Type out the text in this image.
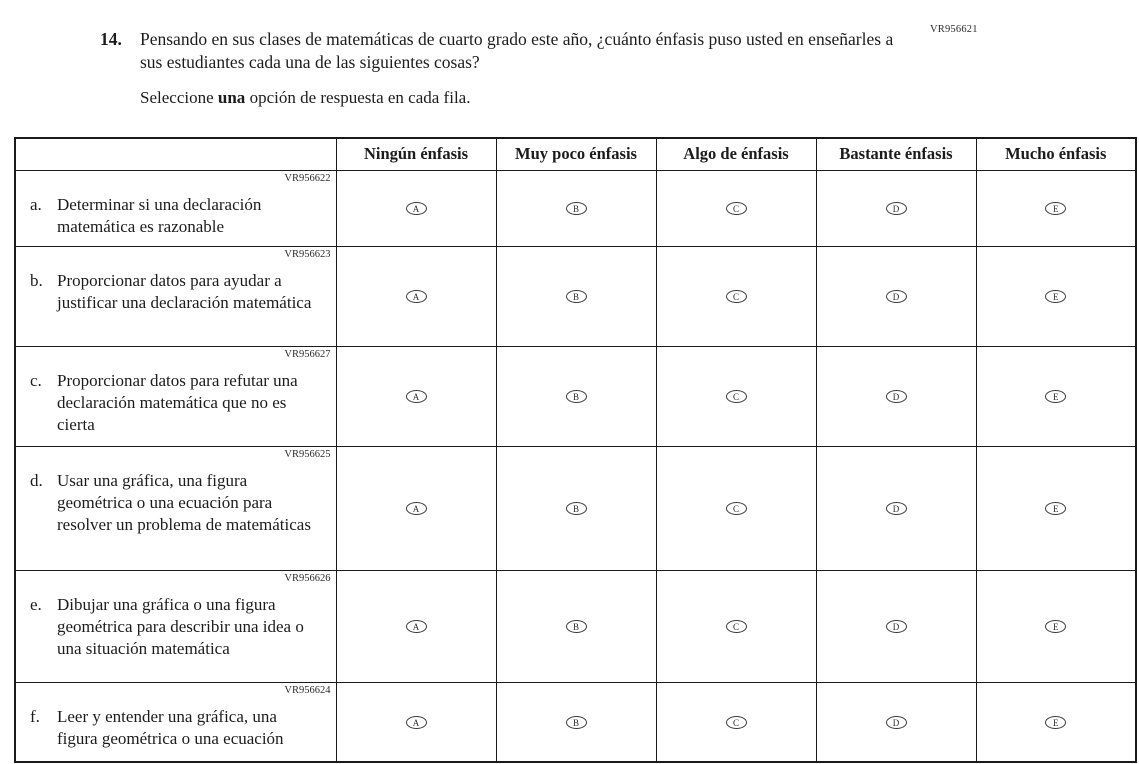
VR956621
14.	Pensando en sus clases de matemáticas de cuarto grado este año, ¿cuánto énfasis puso usted en enseñarles a sus estudiantes cada una de las siguientes cosas?
Seleccione una opción de respuesta en cada fila.
	Ningún énfasis	Muy poco énfasis	Algo de énfasis	Bastante énfasis	Mucho énfasis

VR956622
a. Determinar si una declaración matemática es razonable	A	B	C	D	E

VR956623
b. Proporcionar datos para ayudar a justificar una declaración matemática	A	B	C	D	E

VR956627
c. Proporcionar datos para refutar una declaración matemática que no es cierta	A	B	C	D	E

VR956625
d. Usar una gráfica, una figura geométrica o una ecuación para resolver un problema de matemáticas	A	B	C	D	E

VR956626
e. Dibujar una gráfica o una figura geométrica para describir una idea o una situación matemática	A	B	C	D	E

VR956624
f. Leer y entender una gráfica, una figura geométrica o una ecuación	A	B	C	D	E
